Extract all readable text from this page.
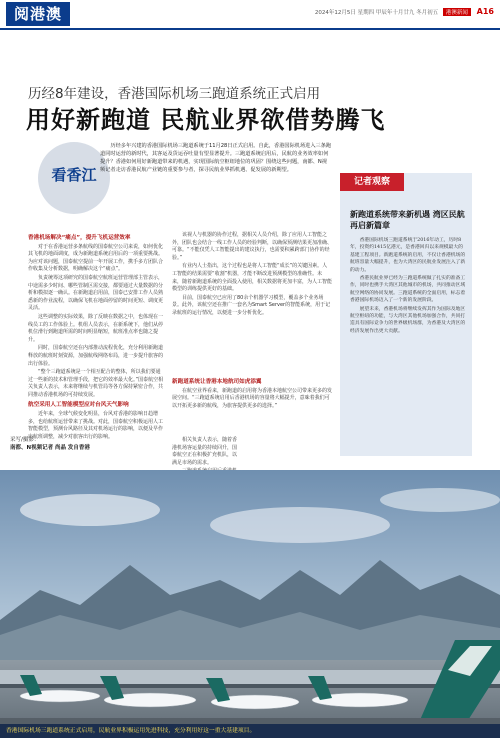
阅港澳	2024年12月5日 星期四 甲辰年十月廿九 冬月初五 港澳新闻 A16
历经8年建设，香港国际机场三跑道系统正式启用
用好新跑道 民航业界欲借势腾飞
看香江
历经多年兴建的香港国际机场三跑道系统于11月28日正式启用。自此，香港国际机场进入三条跑道同时运营的新时代，其客运及货运吞吐量有望显著提升。三跑道系统启用后，民航的业务效率如何提升？香港如何用好新跑道带来的机遇，实现国际航空枢纽地位的巩固？围绕这些问题，南都、N视频记者走访香港民航产业链的重要参与者，探寻民航业界抓机遇、促发展的新期望。

香港机场解决“痛点”，提升飞机运营效率

对于在香港运营多条航线的国泰航空公司来说，如何优化其飞机的地面调度，成为新跑道系统启用后的一项重要挑战。为应对该问题，国泰航空提前一年开展工作，携手多方团队合作收集及分析数据，明确解决这个“痛点”。

负责统筹这项研究的国泰航空航班运营管理部主管表示，中途需多少时间、哪些管制区需交接，都要通过大量数据的分析和模拟逐一确认。在新跑道启用前，国泰已安排工作人员熟悉新的作业流程，以确保飞机在地面停留的时间更短、调度更灵活。

这些调整的实际效果，除了反映在数据之中，也体现在一线员工的工作体验上。机组人员表示，在新系统下，他们从停机位滑行到跑道所需的时间明显缩短，航班准点率也随之提升。

同时，国泰航空还在内部推动流程优化，充分利用新跑道释放的航班时刻资源，加强航线网络布局，进一步提升旅客的出行体验。

“整个三跑道系统是一个相互配合的整体，所以我们要通过一些新的技术和管理手段，把它的效率最大化。”国泰航空相关负责人表示，未来将继续与机管局等各方保持紧密合作，共同推动香港机场的可持续发展。

航空采用人工智能模型应对台风天气影响

近年来，全球气候变化明显，台风对香港的影响日趋增多，也给航班运营带来了挑战。对此，国泰航空积极运用人工智能模型，预测台风路径及其对机场运行的影响，以便及早作出航班调整，减少对旅客出行的影响。

该视人与机器的协作过程，据相关人员介绍，除了应用人工智能之外，团队也会结合一线工作人员的经验判断，以确保预测结果更加准确、可靠。“不能仅凭人工智能提出的建议执行，也需要积累跨部门协作的经验。”

有业内人士指出，这个过程也是将人工智能“成长”的关键因素。人工智能的结果需要“收割”机器，才能不断改进预测模型的准确性。未来，随着新跑道系统的全面投入使用，相关数据将更加丰富，为人工智能模型的训练提供更好的基础。

目前，国泰航空已应用了80余个机器学习模型，覆盖多个业务场景。此外，该航空还在推广一套名为Smart Server的智能系统，用于记录航班的运行情况，以便进一步分析优化。

新跑道系统让香港本地航司如虎添翼

在航空业界看来，新跑道的启用将为香港本地航空公司带来更多的发展空间。“三跑道系统启用后香港机场的容量将大幅提升，意味着我们可以开拓更多新的航线，为旅客提供更多的选择。”

相关负责人表示，随着香港机场客运量的持续回升，国泰航空正在积极扩充机队，以满足市场的需求。

记者观察
新跑道系统带来新机遇 湾区民航再启新篇章

香港国际机场三跑道系统于2016年动工，历时8年，投资约1415亿港元，是香港回归以来规模最大的基建工程项目。新跑道系统的启用，不仅让香港机场的航班容量大幅提升，也为大湾区的民航业发展注入了新的动力。

香港民航业界已经为三跑道系统做了扎实的准备工作，同时也携手大湾区其他城市的机场，共同推动区域航空网络的协同发展。三跑道系统的全面启用，标志着香港国际机场迈入了一个新的发展阶段。

展望未来，香港机场将继续发挥其作为国际及地区航空枢纽的功能，与大湾区其他机场加强合作，共同打造具有国际竞争力的世界级机场群，为香港及大湾区的经济发展作出更大贡献。

采写/摄影：
南都、N视频记者 尚晶 发自香港
香港国际机场三跑道系统正式启用，民航业界积极运用先进科技，充分利用好这一重大基建项目。
